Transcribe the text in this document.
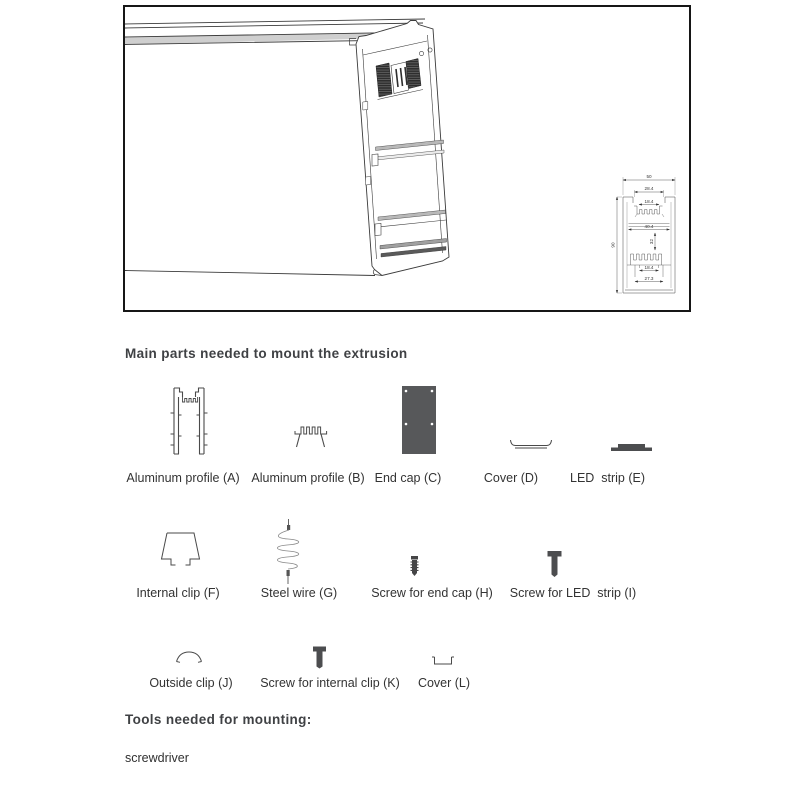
50
28.4
18.4
40.4
32
90
18.4
27.3
Main parts needed to mount the extrusion
Aluminum profile (A) Aluminum profile (B) End cap (C)	Cover (D)	LED  strip (E)
Internal clip (F)	Steel wire (G)	Screw for end cap (H)	Screw for LED  strip (I)
Outside clip (J)	Screw for internal clip (K)	Cover (L)
Tools needed for mounting:
screwdriver
